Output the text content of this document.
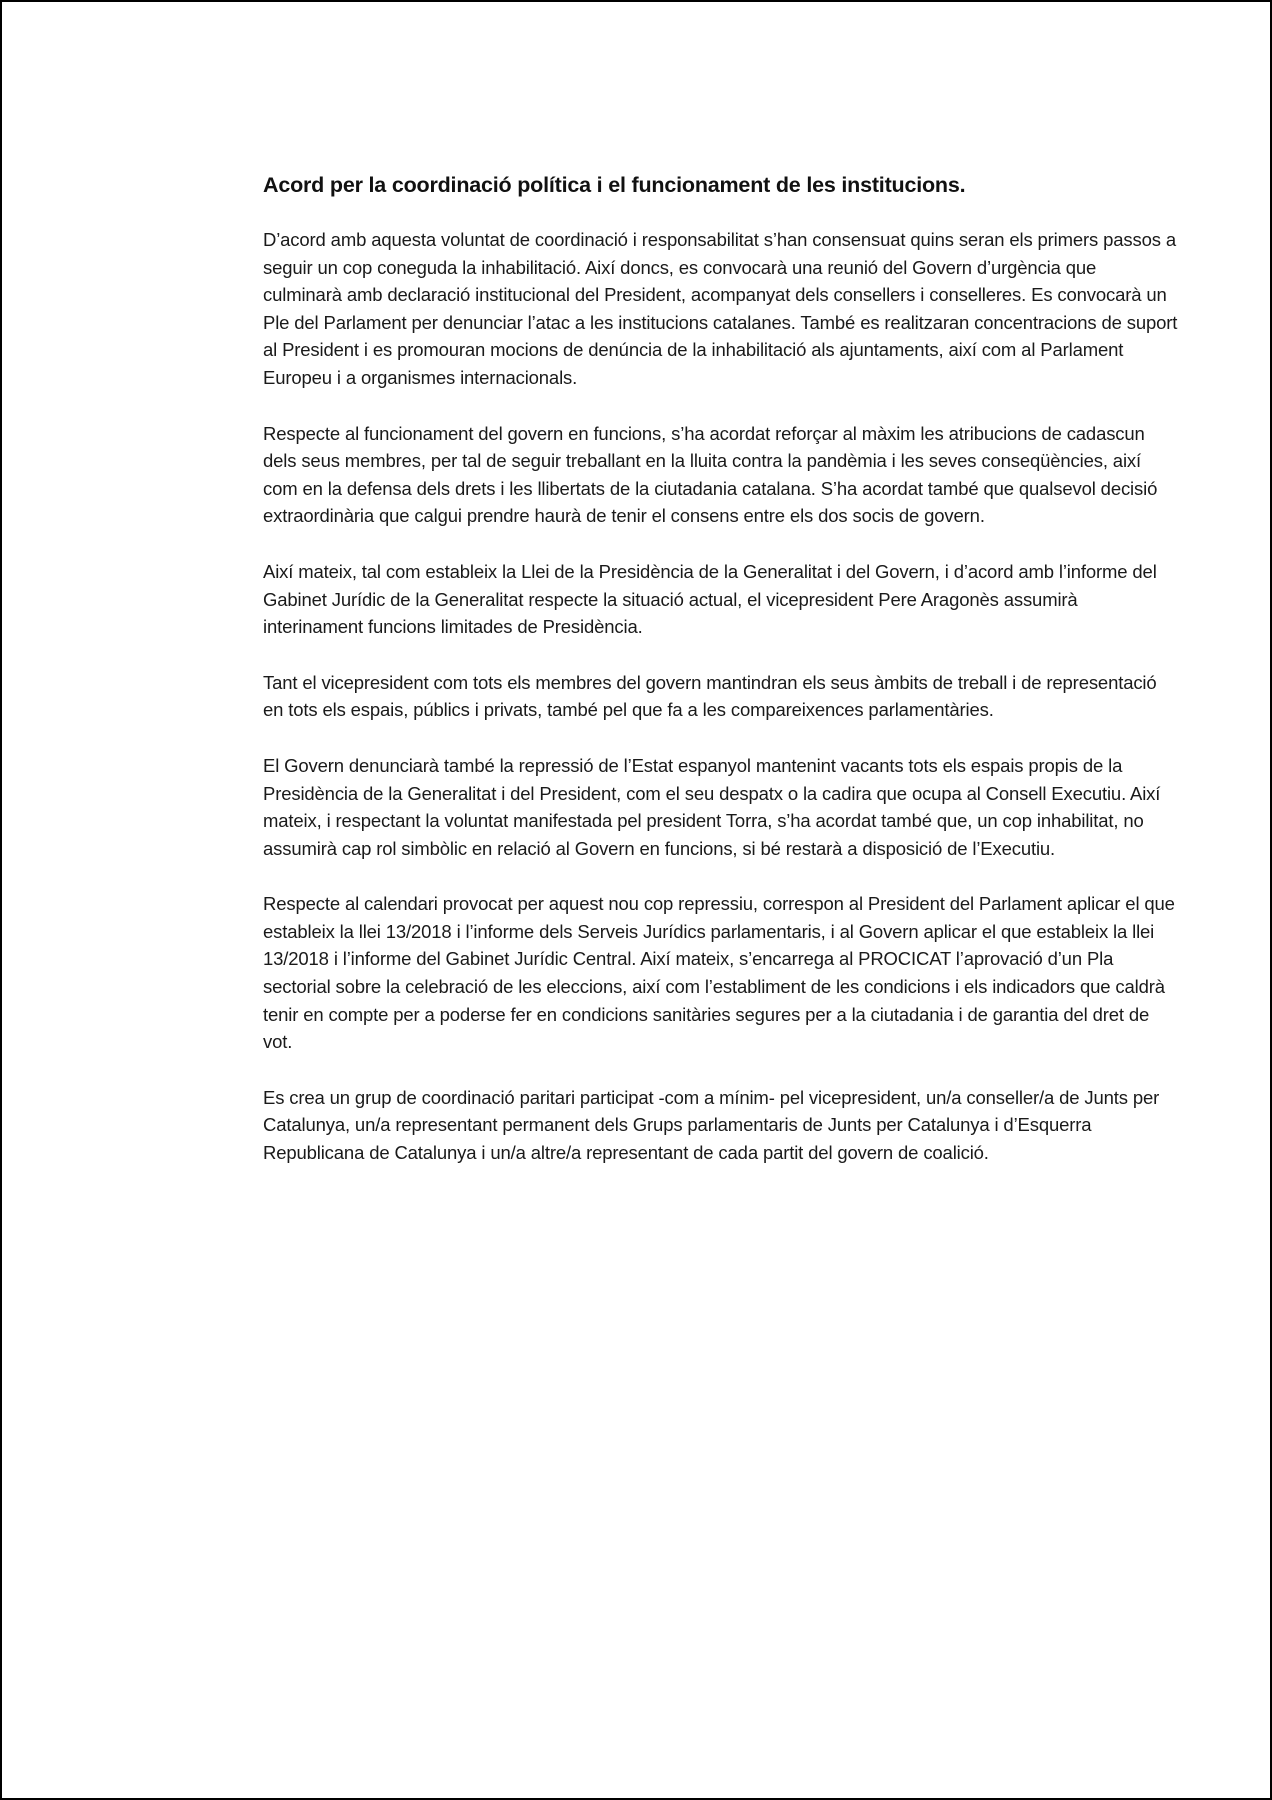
Acord per la coordinació política i el funcionament de les institucions.

D’acord amb aquesta voluntat de coordinació i responsabilitat s’han consensuat quins seran els primers passos a seguir un cop coneguda la inhabilitació. Així doncs, es convocarà una reunió del Govern d’urgència que culminarà amb declaració institucional del President, acompanyat dels consellers i conselleres. Es convocarà un Ple del Parlament per denunciar l’atac a les institucions catalanes. També es realitzaran concentracions de suport al President i es promouran mocions de denúncia de la inhabilitació als ajuntaments, així com al Parlament Europeu i a organismes internacionals.

Respecte al funcionament del govern en funcions, s’ha acordat reforçar al màxim les atribucions de cadascun dels seus membres, per tal de seguir treballant en la lluita contra la pandèmia i les seves conseqüències, així com en la defensa dels drets i les llibertats de la ciutadania catalana. S’ha acordat també que qualsevol decisió extraordinària que calgui prendre haurà de tenir el consens entre els dos socis de govern.

Així mateix, tal com estableix la Llei de la Presidència de la Generalitat i del Govern, i d’acord amb l’informe del Gabinet Jurídic de la Generalitat respecte la situació actual, el vicepresident Pere Aragonès assumirà interinament funcions limitades de Presidència.

Tant el vicepresident com tots els membres del govern mantindran els seus àmbits de treball i de representació en tots els espais, públics i privats, també pel que fa a les compareixences parlamentàries.

El Govern denunciarà també la repressió de l’Estat espanyol mantenint vacants tots els espais propis de la Presidència de la Generalitat i del President, com el seu despatx o la cadira que ocupa al Consell Executiu. Així mateix, i respectant la voluntat manifestada pel president Torra, s’ha acordat també que, un cop inhabilitat, no assumirà cap rol simbòlic en relació al Govern en funcions, si bé restarà a disposició de l’Executiu.

Respecte al calendari provocat per aquest nou cop repressiu, correspon al President del Parlament aplicar el que estableix la llei 13/2018 i l’informe dels Serveis Jurídics parlamentaris, i al Govern aplicar el que estableix la llei 13/2018 i l’informe del Gabinet Jurídic Central. Així mateix, s’encarrega al PROCICAT l’aprovació d’un Pla sectorial sobre la celebració de les eleccions, així com l’establiment de les condicions i els indicadors que caldrà tenir en compte per a poderse fer en condicions sanitàries segures per a la ciutadania i de garantia del dret de vot.

Es crea un grup de coordinació paritari participat -com a mínim- pel vicepresident, un/a conseller/a de Junts per Catalunya, un/a representant permanent dels Grups parlamentaris de Junts per Catalunya i d’Esquerra Republicana de Catalunya i un/a altre/a representant de cada partit del govern de coalició.
